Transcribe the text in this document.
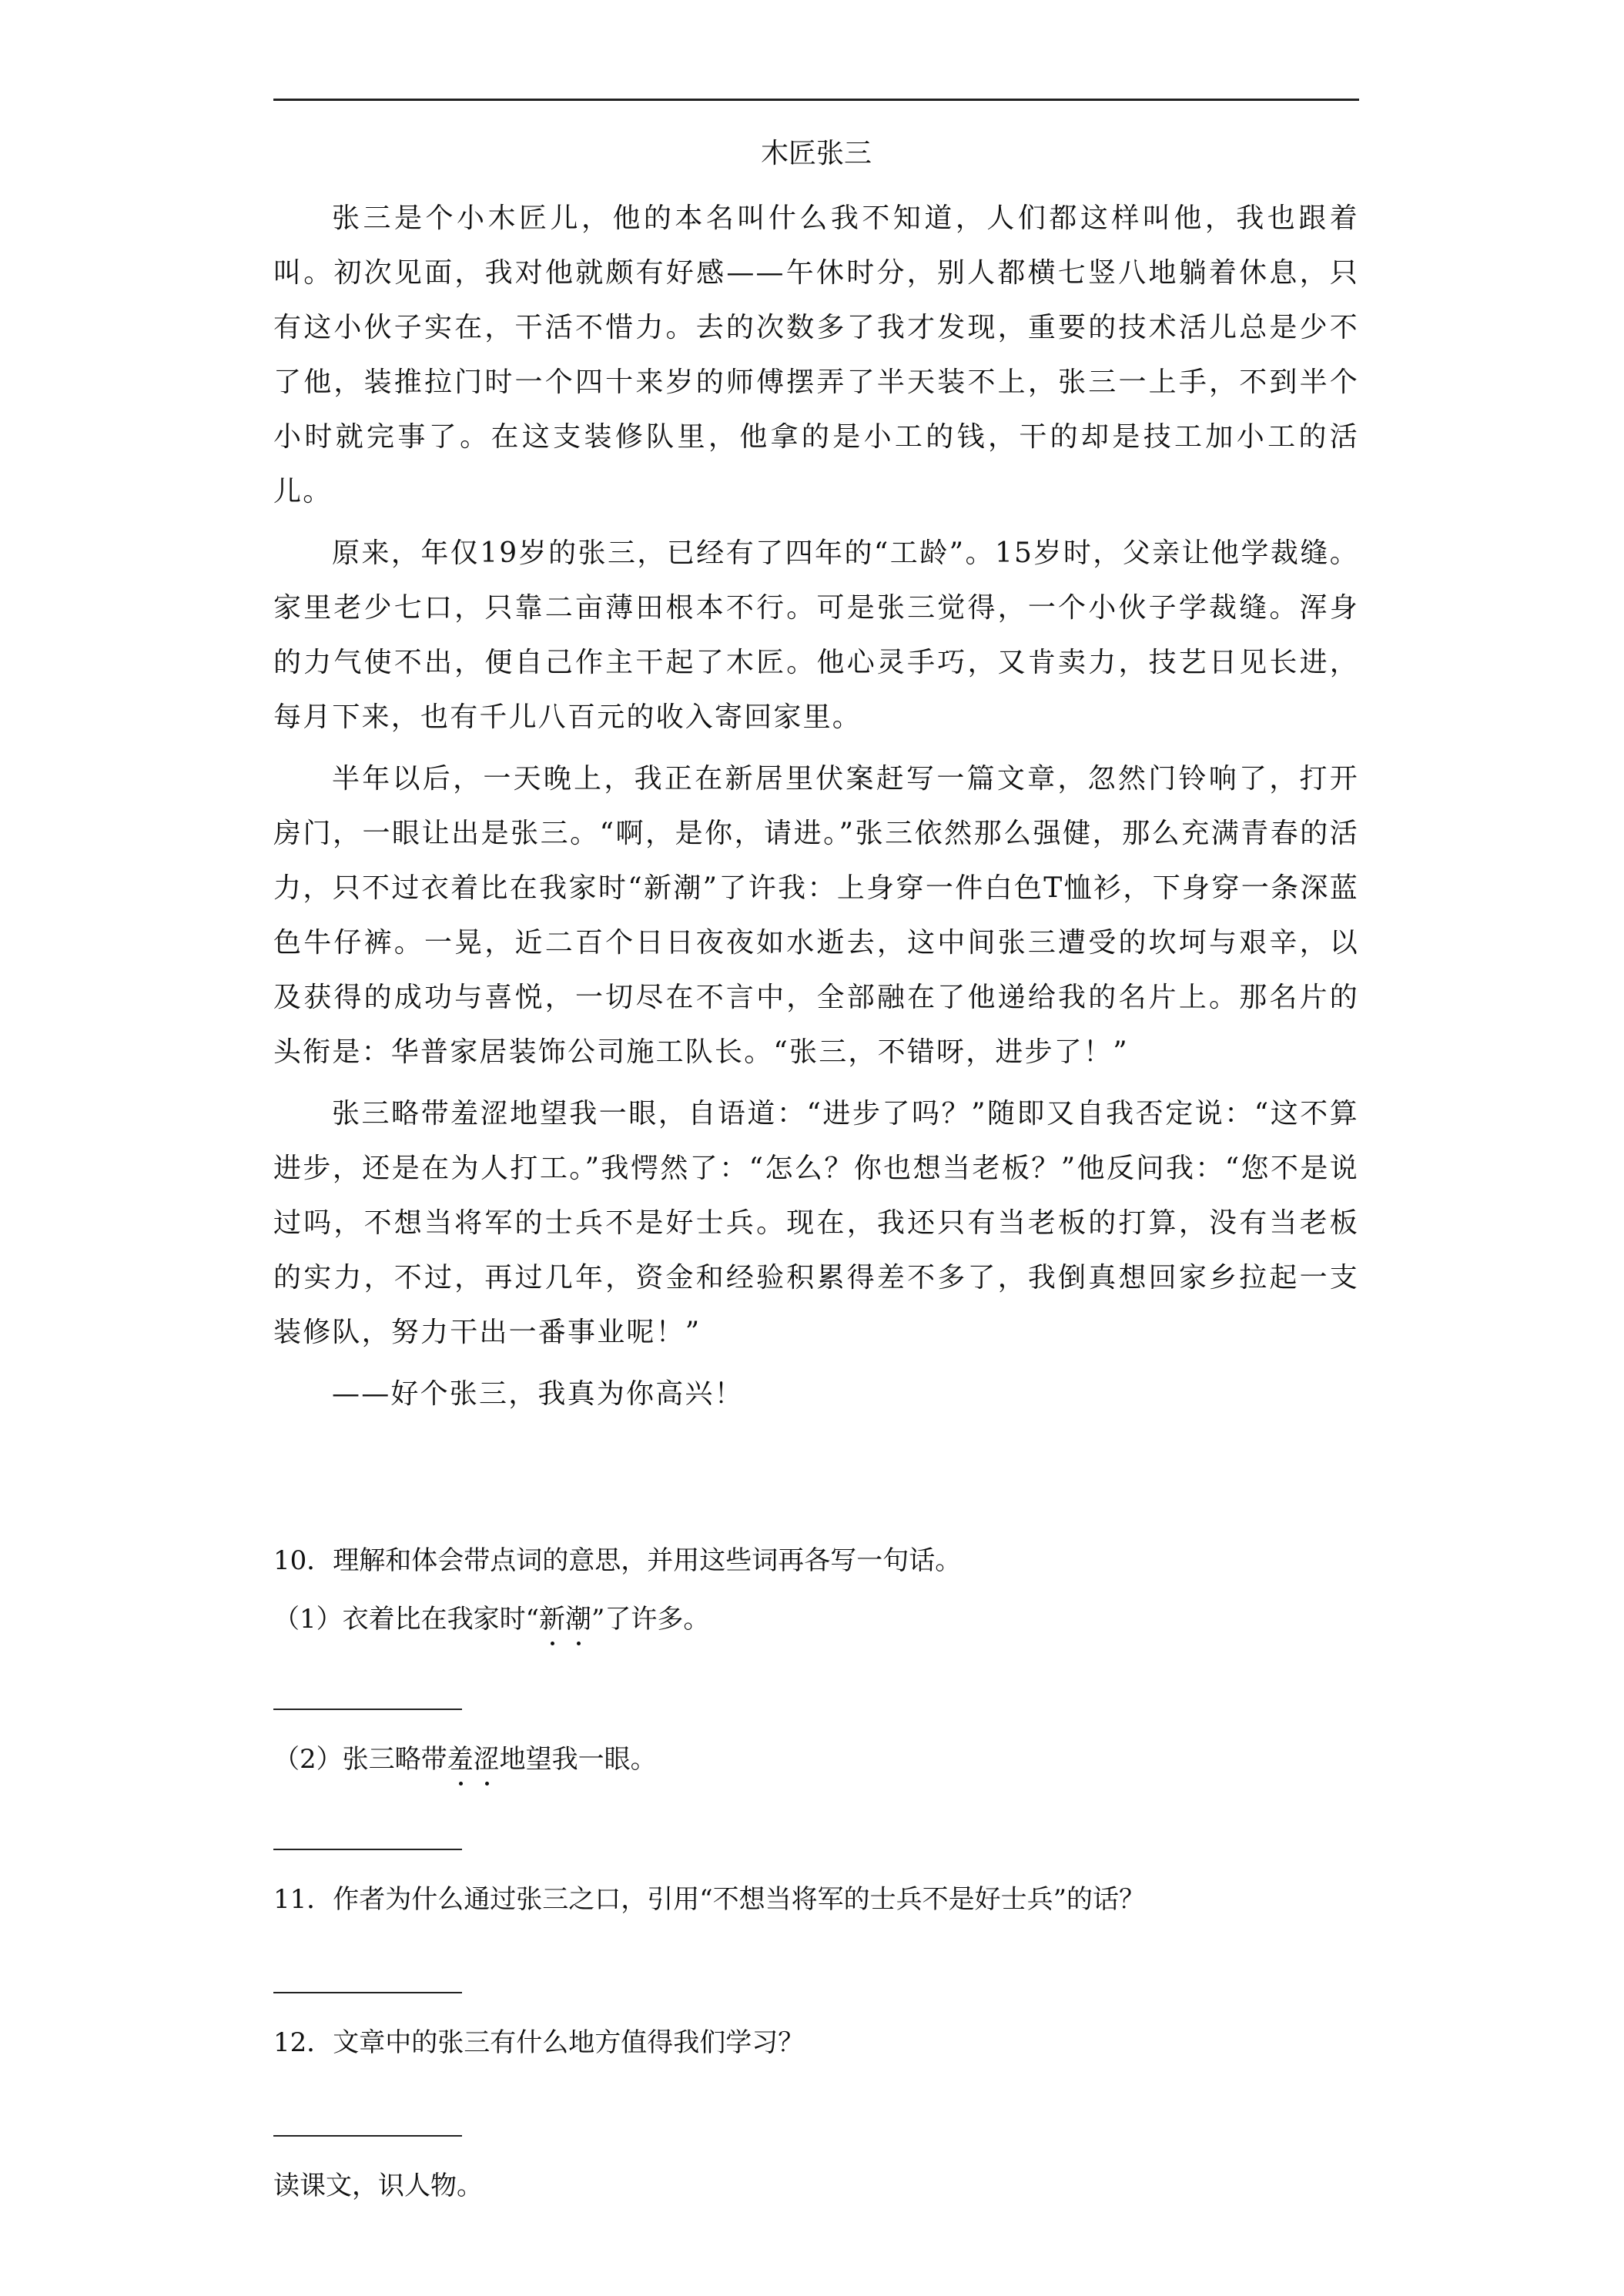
木匠张三

张三是个小木匠儿，他的本名叫什么我不知道，人们都这样叫他，我也跟着叫。初次见面，我对他就颇有好感——午休时分，别人都横七竖八地躺着休息，只有这小伙子实在，干活不惜力。去的次数多了我才发现，重要的技术活儿总是少不了他，装推拉门时一个四十来岁的师傅摆弄了半天装不上，张三一上手，不到半个小时就完事了。在这支装修队里，他拿的是小工的钱，干的却是技工加小工的活儿。

原来，年仅19岁的张三，已经有了四年的“工龄”。15岁时，父亲让他学裁缝。家里老少七口，只靠二亩薄田根本不行。可是张三觉得，一个小伙子学裁缝。浑身的力气使不出，便自己作主干起了木匠。他心灵手巧，又肯卖力，技艺日见长进，每月下来，也有千儿八百元的收入寄回家里。

半年以后，一天晚上，我正在新居里伏案赶写一篇文章，忽然门铃响了，打开房门，一眼让出是张三。“啊，是你，请进。”张三依然那么强健，那么充满青春的活力，只不过衣着比在我家时“新潮”了许我：上身穿一件白色T恤衫，下身穿一条深蓝色牛仔裤。一晃，近二百个日日夜夜如水逝去，这中间张三遭受的坎坷与艰辛，以及获得的成功与喜悦，一切尽在不言中，全部融在了他递给我的名片上。那名片的头衔是：华普家居装饰公司施工队长。“张三，不错呀，进步了！”

张三略带羞涩地望我一眼，自语道：“进步了吗？”随即又自我否定说：“这不算进步，还是在为人打工。”我愕然了：“怎么？你也想当老板？”他反问我：“您不是说过吗，不想当将军的士兵不是好士兵。现在，我还只有当老板的打算，没有当老板的实力，不过，再过几年，资金和经验积累得差不多了，我倒真想回家乡拉起一支装修队，努力干出一番事业呢！”

——好个张三，我真为你高兴！

10．理解和体会带点词的意思，并用这些词再各写一句话。

（1）衣着比在我家时“新潮”了许多。

（2）张三略带羞涩地望我一眼。

11．作者为什么通过张三之口，引用“不想当将军的士兵不是好士兵”的话？

12．文章中的张三有什么地方值得我们学习？

读课文，识人物。
